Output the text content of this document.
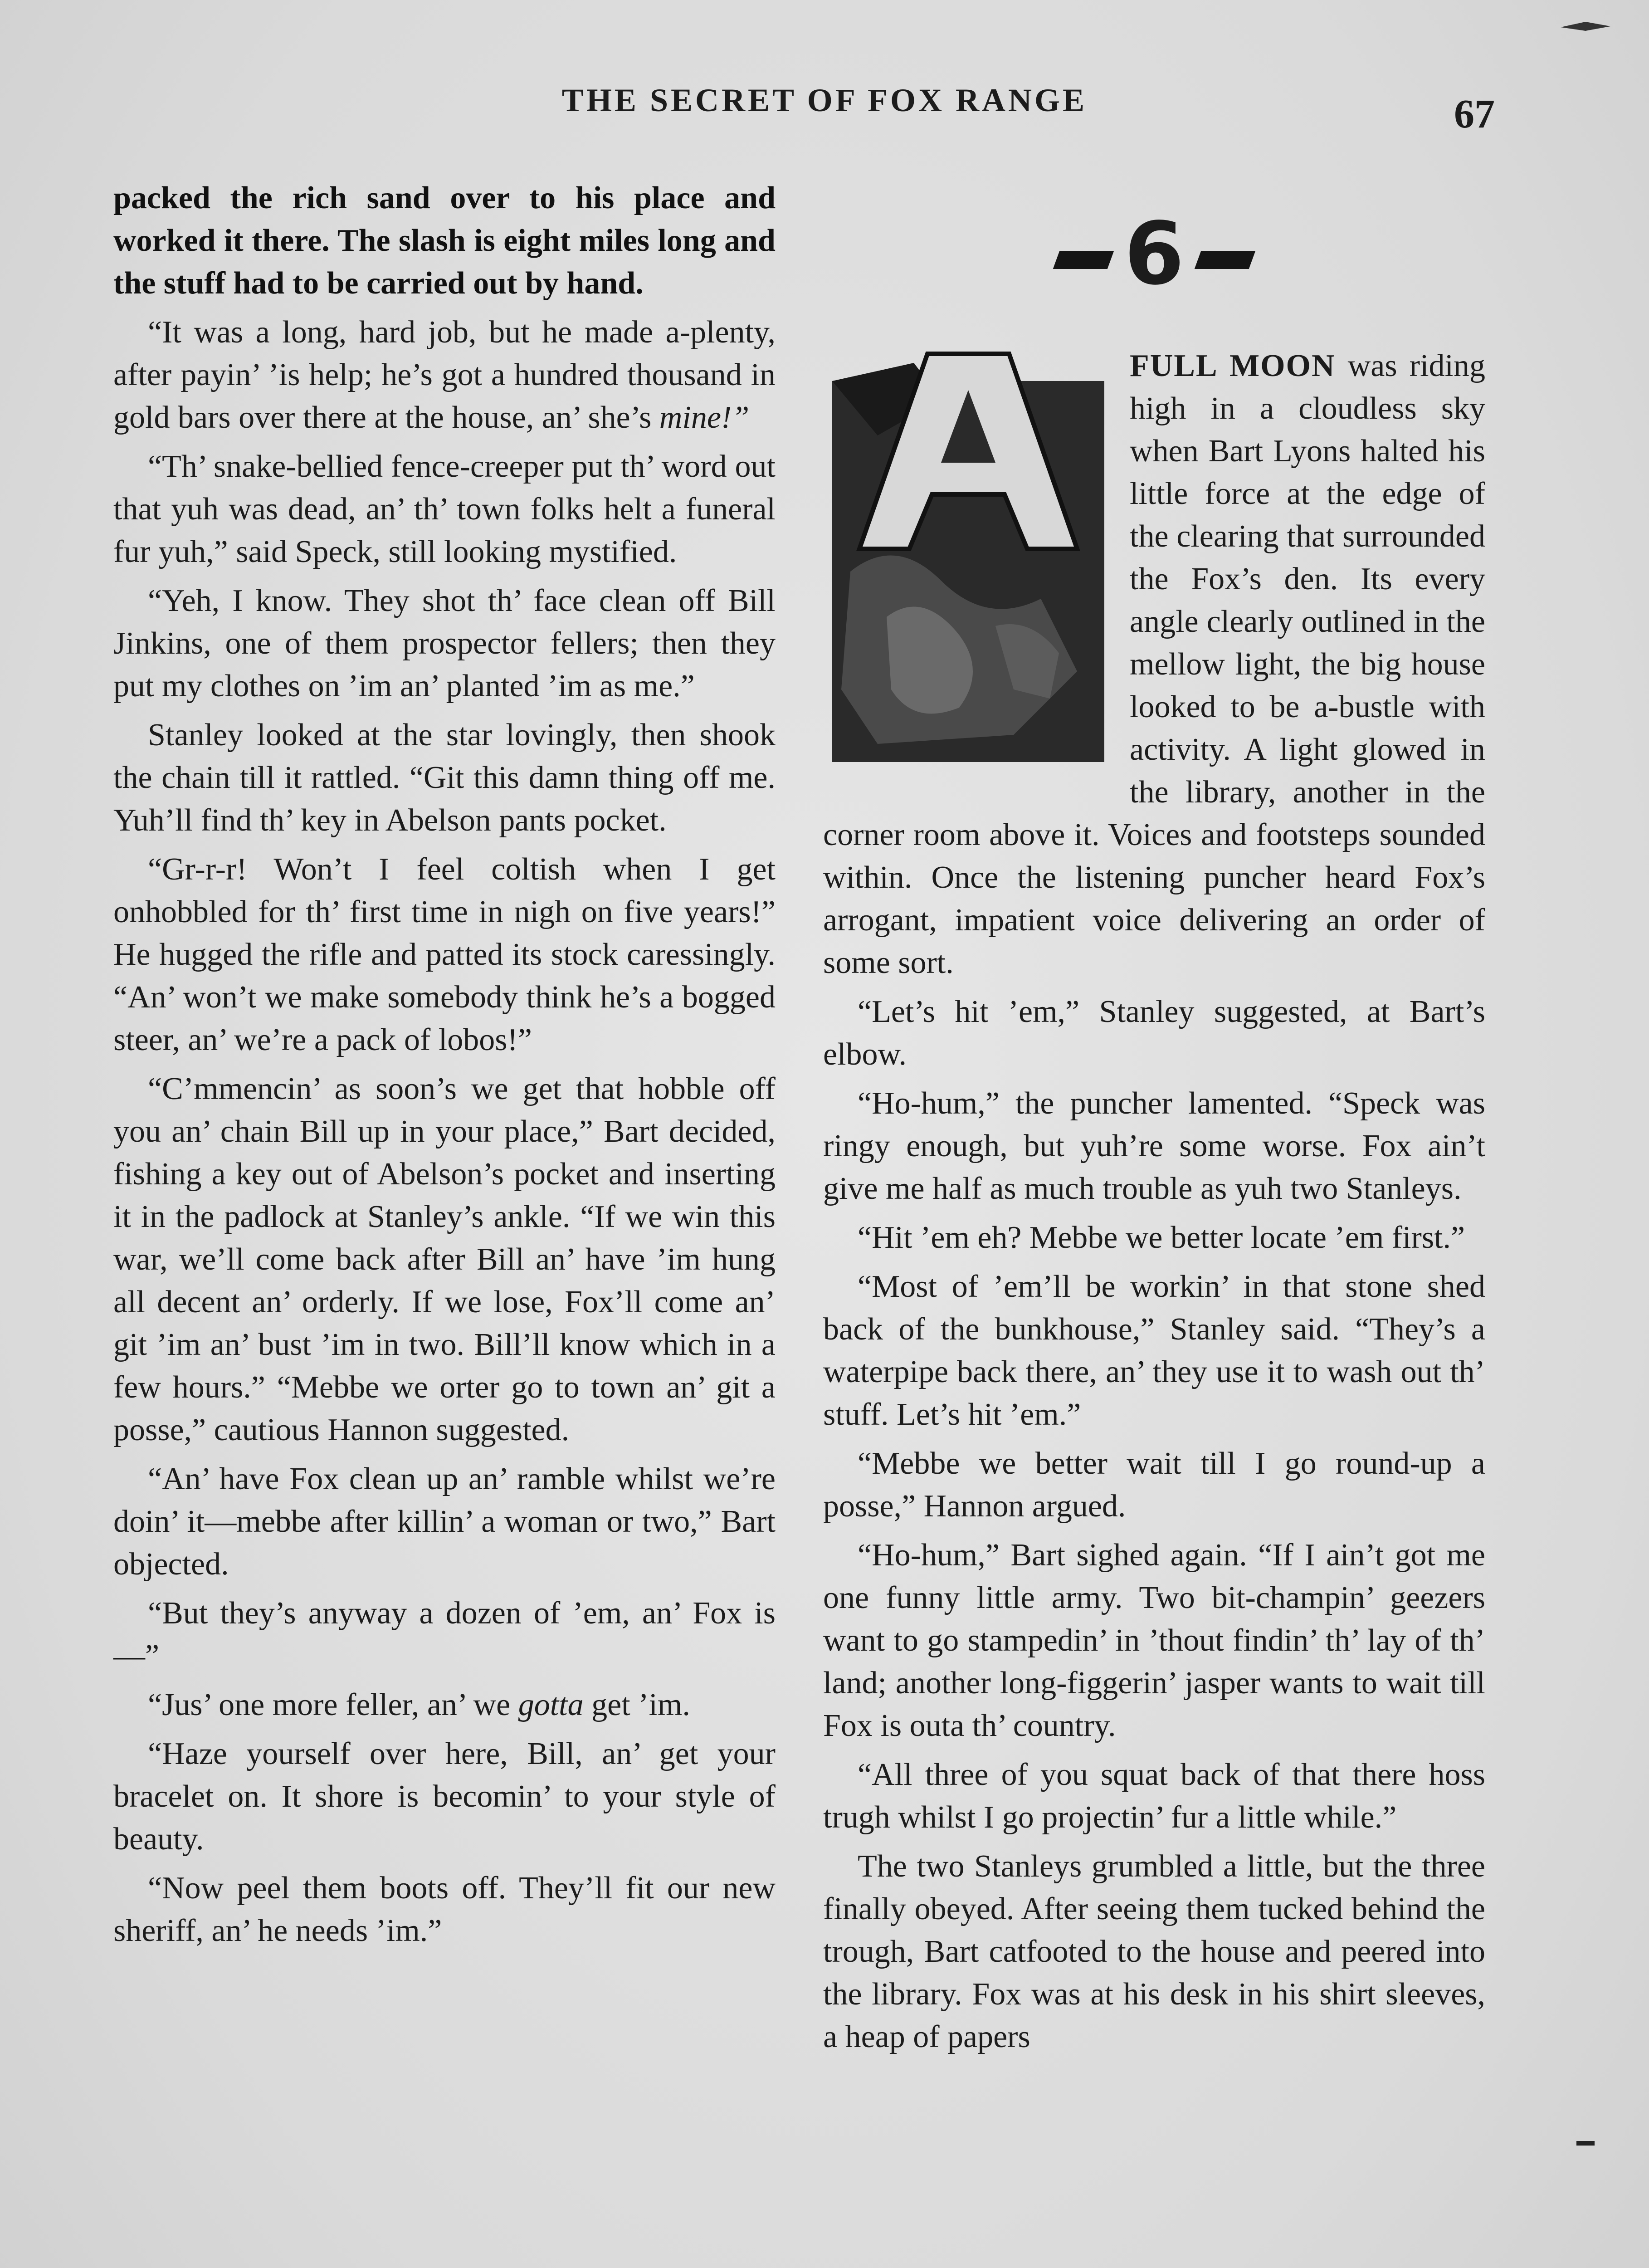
THE SECRET OF FOX RANGE	67

packed the rich sand over to his place and worked it there. The slash is eight miles long and the stuff had to be carried out by hand.

“It was a long, hard job, but he made a-plenty, after payin’ ’is help; he’s got a hundred thousand in gold bars over there at the house, an’ she’s mine!”

“Th’ snake-bellied fence-creeper put th’ word out that yuh was dead, an’ th’ town folks helt a funeral fur yuh,” said Speck, still looking mystified.

“Yeh, I know. They shot th’ face clean off Bill Jinkins, one of them prospector fellers; then they put my clothes on ’im an’ planted ’im as me.”

Stanley looked at the star lovingly, then shook the chain till it rattled. “Git this damn thing off me. Yuh’ll find th’ key in Abelson pants pocket.

“Gr-r-r! Won’t I feel coltish when I get onhobbled for th’ first time in nigh on five years!” He hugged the rifle and patted its stock caressingly. “An’ won’t we make somebody think he’s a bogged steer, an’ we’re a pack of lobos!”

“C’mmencin’ as soon’s we get that hobble off you an’ chain Bill up in your place,” Bart decided, fishing a key out of Abelson’s pocket and inserting it in the padlock at Stanley’s ankle. “If we win this war, we’ll come back after Bill an’ have ’im hung all decent an’ orderly. If we lose, Fox’ll come an’ git ’im an’ bust ’im in two. Bill’ll know which in a few hours.” “Mebbe we orter go to town an’ git a posse,” cautious Hannon suggested.

“An’ have Fox clean up an’ ramble whilst we’re doin’ it—mebbe after killin’ a woman or two,” Bart objected.

“But they’s anyway a dozen of ’em, an’ Fox is—”

“Jus’ one more feller, an’ we gotta get ’im.

“Haze yourself over here, Bill, an’ get your bracelet on. It shore is becomin’ to your style of beauty.

“Now peel them boots off. They’ll fit our new sheriff, an’ he needs ’im.”

6

FULL MOON was riding high in a cloudless sky when Bart Lyons halted his little force at the edge of the clearing that surrounded the Fox’s den. Its every angle clearly outlined in the mellow light, the big house looked to be a-bustle with activity. A light glowed in the library, another in the corner room above it. Voices and footsteps sounded within. Once the listening puncher heard Fox’s arrogant, impatient voice delivering an order of some sort.

“Let’s hit ’em,” Stanley suggested, at Bart’s elbow.

“Ho-hum,” the puncher lamented. “Speck was ringy enough, but yuh’re some worse. Fox ain’t give me half as much trouble as yuh two Stanleys.

“Hit ’em eh? Mebbe we better locate ’em first.”

“Most of ’em’ll be workin’ in that stone shed back of the bunkhouse,” Stanley said. “They’s a waterpipe back there, an’ they use it to wash out th’ stuff. Let’s hit ’em.”

“Mebbe we better wait till I go round-up a posse,” Hannon argued.

“Ho-hum,” Bart sighed again. “If I ain’t got me one funny little army. Two bit-champin’ geezers want to go stampedin’ in ’thout findin’ th’ lay of th’ land; another long-figgerin’ jasper wants to wait till Fox is outa th’ country.

“All three of you squat back of that there hoss trugh whilst I go projectin’ fur a little while.”

The two Stanleys grumbled a little, but the three finally obeyed. After seeing them tucked behind the trough, Bart catfooted to the house and peered into the library. Fox was at his desk in his shirt sleeves, a heap of papers
